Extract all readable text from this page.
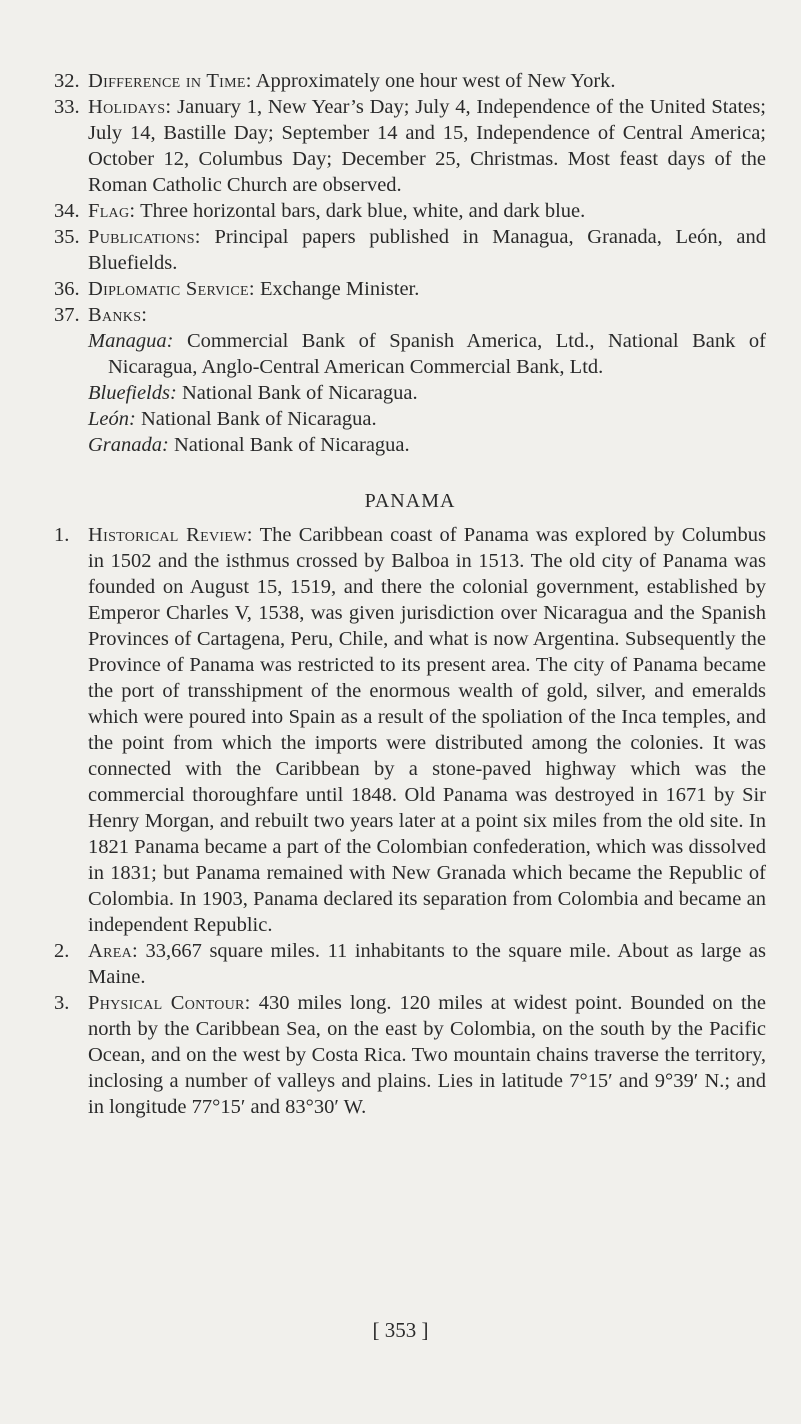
32. Difference in Time: Approximately one hour west of New York.
33. Holidays: January 1, New Year’s Day; July 4, Independence of the United States; July 14, Bastille Day; September 14 and 15, Independence of Central America; October 12, Columbus Day; December 25, Christmas. Most feast days of the Roman Catholic Church are observed.
34. Flag: Three horizontal bars, dark blue, white, and dark blue.
35. Publications: Principal papers published in Managua, Granada, León, and Bluefields.
36. Diplomatic Service: Exchange Minister.
37. Banks:
Managua: Commercial Bank of Spanish America, Ltd., National Bank of Nicaragua, Anglo-Central American Commercial Bank, Ltd.
Bluefields: National Bank of Nicaragua.
León: National Bank of Nicaragua.
Granada: National Bank of Nicaragua.
PANAMA
1. Historical Review: The Caribbean coast of Panama was explored by Columbus in 1502 and the isthmus crossed by Balboa in 1513. The old city of Panama was founded on August 15, 1519, and there the colonial government, established by Emperor Charles V, 1538, was given jurisdiction over Nicaragua and the Spanish Provinces of Cartagena, Peru, Chile, and what is now Argentina. Subsequently the Province of Panama was restricted to its present area. The city of Panama became the port of transshipment of the enormous wealth of gold, silver, and emeralds which were poured into Spain as a result of the spoliation of the Inca temples, and the point from which the imports were distributed among the colonies. It was connected with the Caribbean by a stone-paved highway which was the commercial thoroughfare until 1848. Old Panama was destroyed in 1671 by Sir Henry Morgan, and rebuilt two years later at a point six miles from the old site. In 1821 Panama became a part of the Colombian confederation, which was dissolved in 1831; but Panama remained with New Granada which became the Republic of Colombia. In 1903, Panama declared its separation from Colombia and became an independent Republic.
2. Area: 33,667 square miles. 11 inhabitants to the square mile. About as large as Maine.
3. Physical Contour: 430 miles long. 120 miles at widest point. Bounded on the north by the Caribbean Sea, on the east by Colombia, on the south by the Pacific Ocean, and on the west by Costa Rica. Two mountain chains traverse the territory, inclosing a number of valleys and plains. Lies in latitude 7°15′ and 9°39′ N.; and in longitude 77°15′ and 83°30′ W.
[ 353 ]
